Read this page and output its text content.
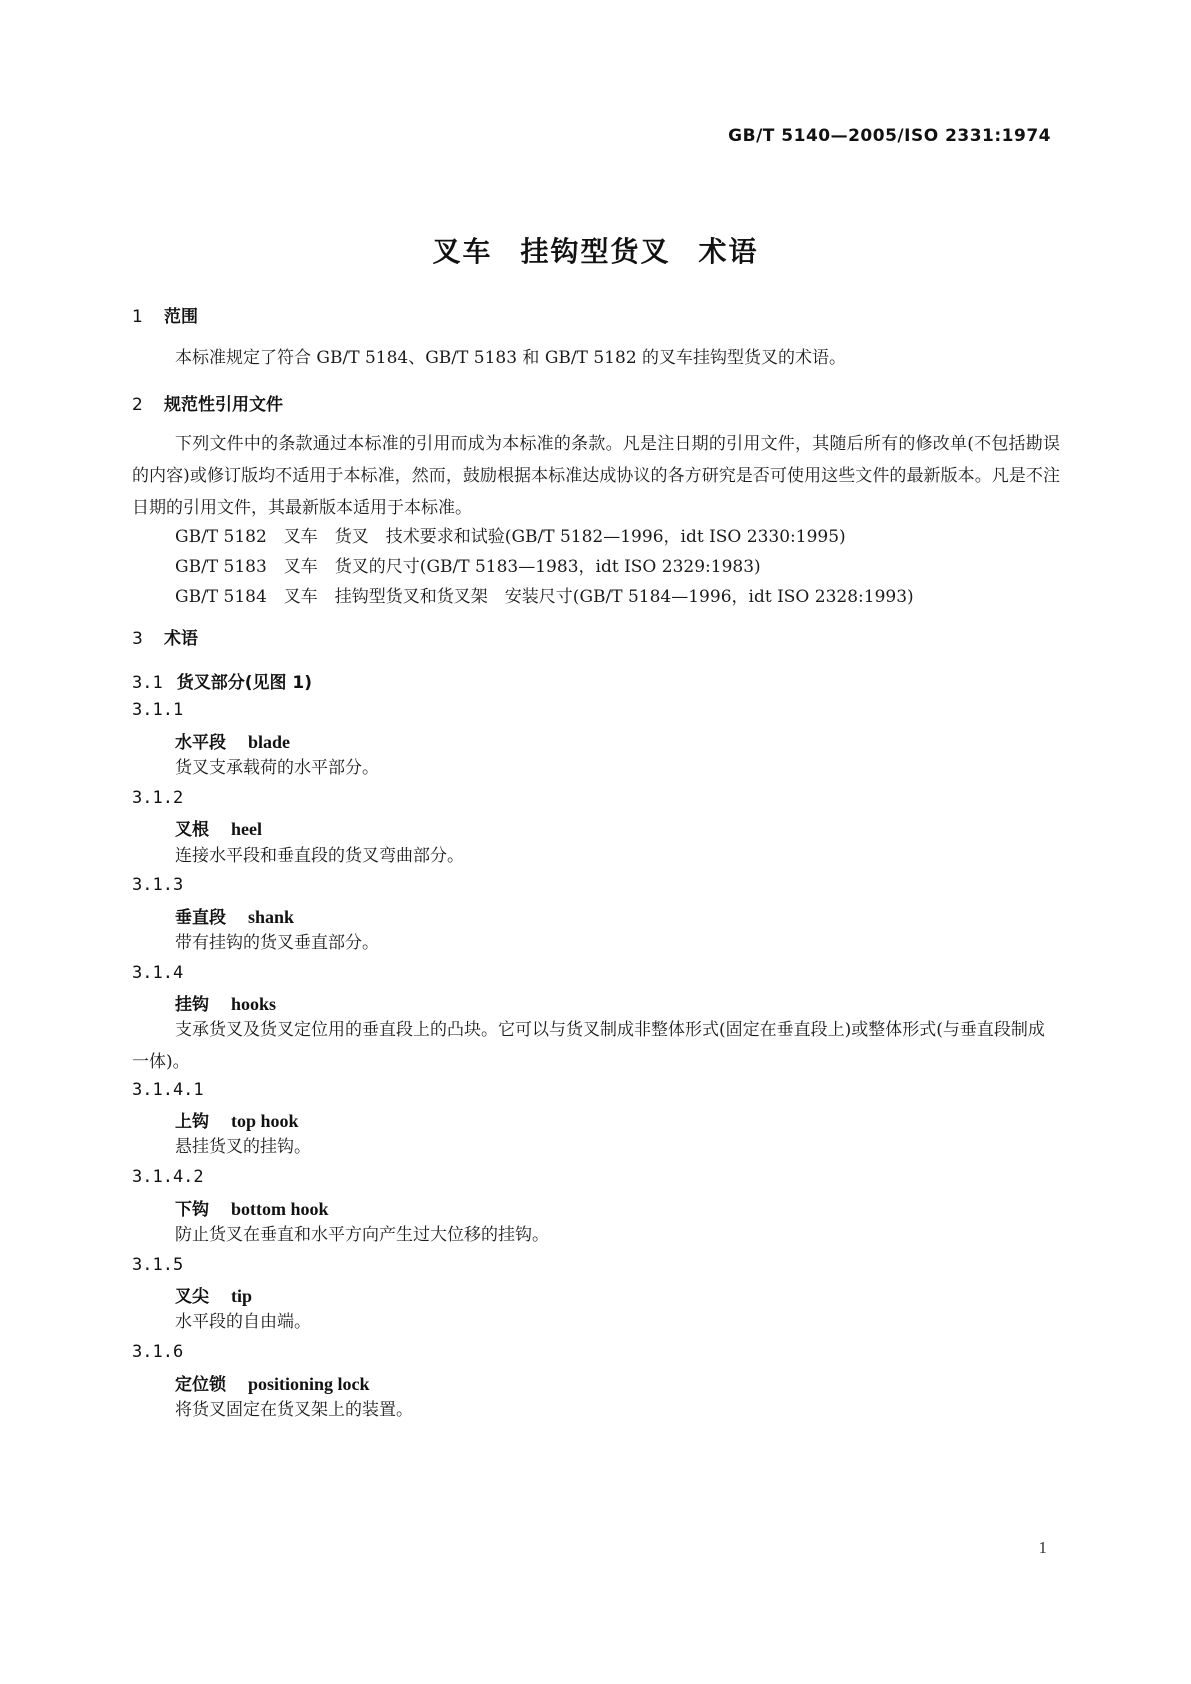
GB/T 5140—2005/ISO 2331:1974
叉车 挂钩型货叉 术语
1 范围
本标准规定了符合 GB/T 5184、GB/T 5183 和 GB/T 5182 的叉车挂钩型货叉的术语。
2 规范性引用文件
下列文件中的条款通过本标准的引用而成为本标准的条款。凡是注日期的引用文件，其随后所有的修改单(不包括勘误的内容)或修订版均不适用于本标准，然而，鼓励根据本标准达成协议的各方研究是否可使用这些文件的最新版本。凡是不注日期的引用文件，其最新版本适用于本标准。
GB/T 5182　叉车　货叉　技术要求和试验(GB/T 5182—1996，idt ISO 2330:1995)
GB/T 5183　叉车　货叉的尺寸(GB/T 5183—1983，idt ISO 2329:1983)
GB/T 5184　叉车　挂钩型货叉和货叉架　安装尺寸(GB/T 5184—1996，idt ISO 2328:1993)
3 术语
3.1 货叉部分(见图 1)
3.1.1
水平段 blade
货叉支承载荷的水平部分。
3.1.2
叉根 heel
连接水平段和垂直段的货叉弯曲部分。
3.1.3
垂直段 shank
带有挂钩的货叉垂直部分。
3.1.4
挂钩 hooks
支承货叉及货叉定位用的垂直段上的凸块。它可以与货叉制成非整体形式(固定在垂直段上)或整体形式(与垂直段制成一体)。
3.1.4.1
上钩 top hook
悬挂货叉的挂钩。
3.1.4.2
下钩 bottom hook
防止货叉在垂直和水平方向产生过大位移的挂钩。
3.1.5
叉尖 tip
水平段的自由端。
3.1.6
定位锁 positioning lock
将货叉固定在货叉架上的装置。
1
